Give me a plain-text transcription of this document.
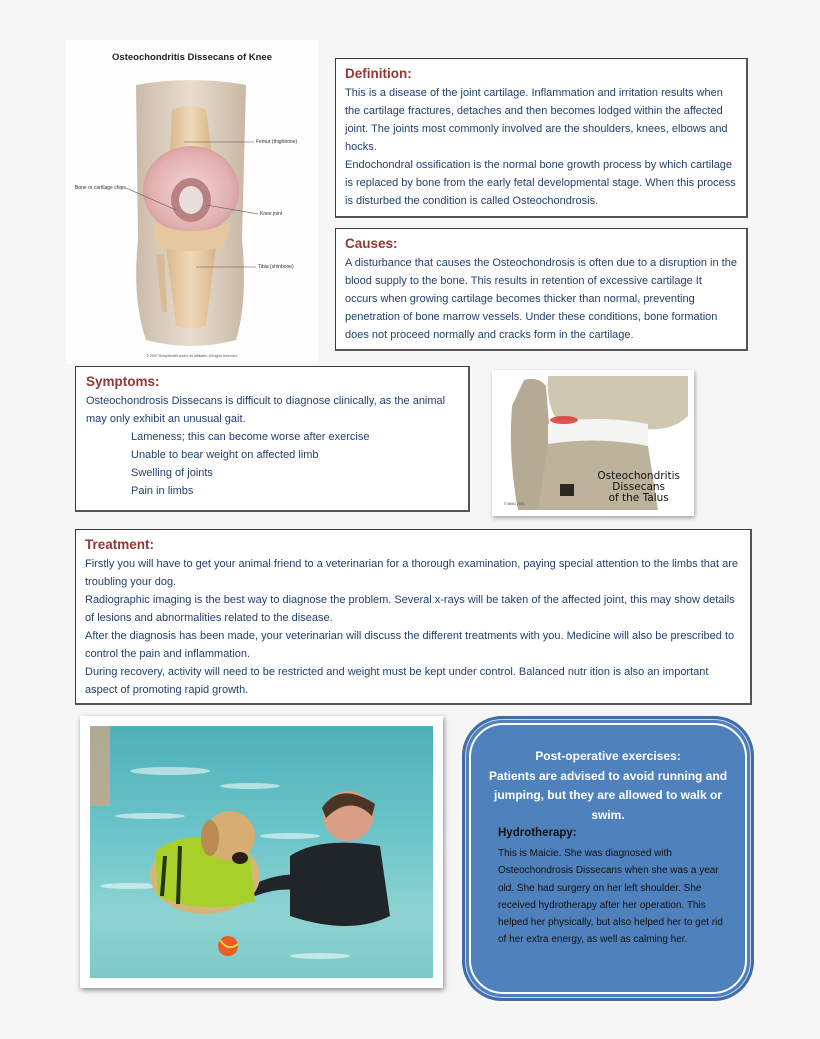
Osteochondritis Dissecans of Knee
Femur (thighbone)
Bone or cartilage chips
Knee joint
Tibia (shinbone)
© 2007 RelayHealth and/or its affiliates. All rights reserved.
Definition:

This is a disease of the joint cartilage. Inflammation and irritation results when the cartilage fractures, detaches and then becomes lodged within the affected joint. The joints most commonly involved are the shoulders, knees, elbows and hocks.

Endochondral ossification is the normal bone growth process by which cartilage is replaced by bone from the early fetal developmental stage. When this process is disturbed the condition is called Osteochondrosis.

Causes:

A disturbance that causes the Osteochondrosis is often due to a disruption in the blood supply to the bone. This results in retention of excessive cartilage It occurs when growing cartilage becomes thicker than normal, preventing penetration of bone marrow vessels. Under these conditions, bone formation does not proceed normally and cracks form in the cartilage.

Symptoms:

Osteochondrosis Dissecans is difficult to diagnose clinically, as the animal may only exhibit an unusual gait.

Lameness; this can become worse after exercise

Unable to bear weight on affected limb

Swelling of joints

Pain in limbs

Osteochondritis
Dissecans
of the Talus
© MMG 2001
Treatment:

Firstly you will have to get your animal friend to a veterinarian for a thorough examination, paying special attention to the limbs that are troubling your dog.

Radiographic imaging is the best way to diagnose the problem. Several x-rays will be taken of the affected joint, this may show details of lesions and abnormalities related to the disease.

After the diagnosis has been made, your veterinarian will discuss the different treatments with you. Medicine will also be prescribed to control the pain and inflammation.

During recovery, activity will need to be restricted and weight must be kept under control. Balanced nutr ition is also an important aspect of promoting rapid growth.

Post-operative exercises:
Patients are advised to avoid running and jumping, but they are allowed to walk or swim.
Hydrotherapy:
This is Maicie. She was diagnosed with Osteochondrosis Dissecans when she was a year old. She had surgery on her left shoulder. She received hydrotherapy after her operation. This helped her physically, but also helped her to get rid of her extra energy, as well as calming her.
